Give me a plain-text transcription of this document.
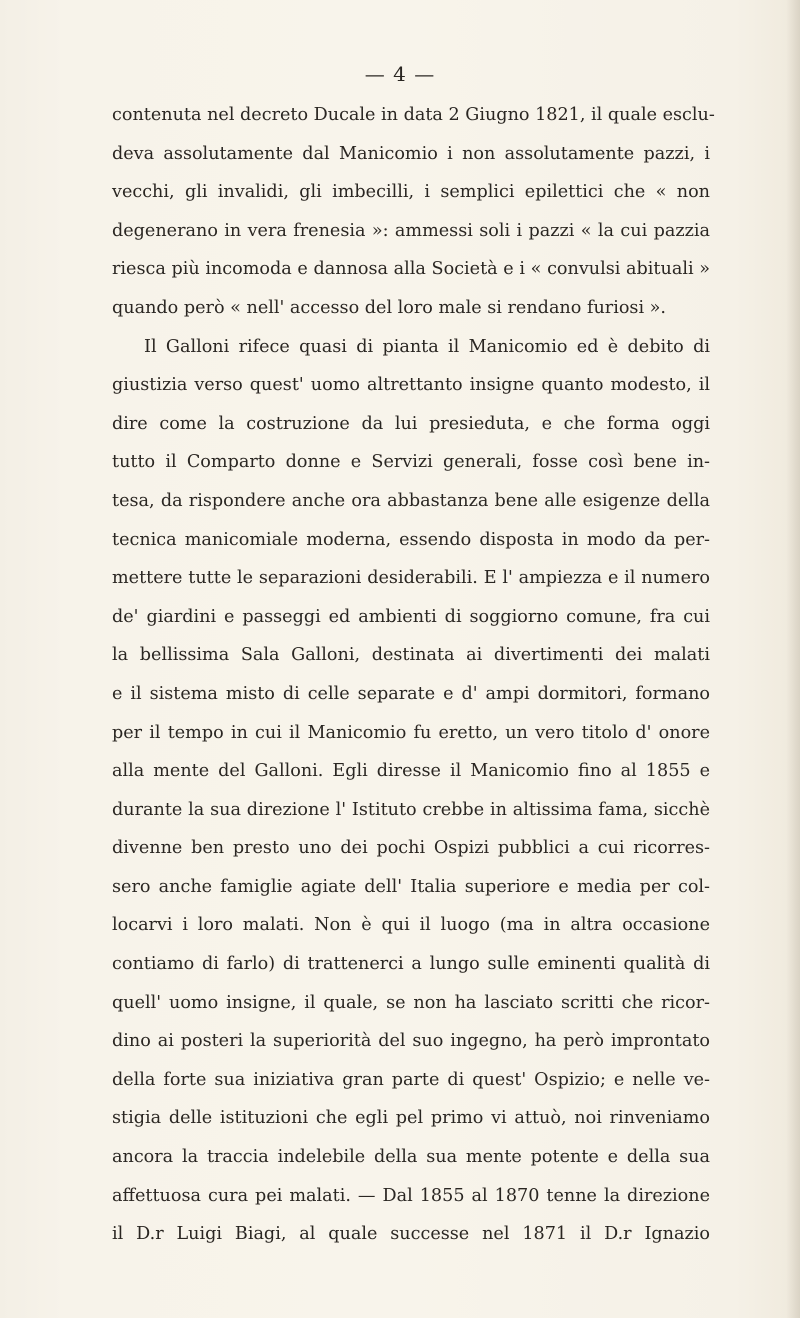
— 4 —
contenuta nel decreto Ducale in data 2 Giugno 1821, il quale esclu-
deva assolutamente dal Manicomio i non assolutamente pazzi, i
vecchi, gli invalidi, gli imbecilli, i semplici epilettici che « non
degenerano in vera frenesia »: ammessi soli i pazzi « la cui pazzia
riesca più incomoda e dannosa alla Società e i « convulsi abituali »
quando però « nell' accesso del loro male si rendano furiosi ».
Il Galloni rifece quasi di pianta il Manicomio ed è debito di
giustizia verso quest' uomo altrettanto insigne quanto modesto, il
dire come la costruzione da lui presieduta, e che forma oggi
tutto il Comparto donne e Servizi generali, fosse così bene in-
tesa, da rispondere anche ora abbastanza bene alle esigenze della
tecnica manicomiale moderna, essendo disposta in modo da per-
mettere tutte le separazioni desiderabili. E l' ampiezza e il numero
de' giardini e passeggi ed ambienti di soggiorno comune, fra cui
la bellissima Sala Galloni, destinata ai divertimenti dei malati
e il sistema misto di celle separate e d' ampi dormitori, formano
per il tempo in cui il Manicomio fu eretto, un vero titolo d' onore
alla mente del Galloni. Egli diresse il Manicomio fino al 1855 e
durante la sua direzione l' Istituto crebbe in altissima fama, sicchè
divenne ben presto uno dei pochi Ospizi pubblici a cui ricorres-
sero anche famiglie agiate dell' Italia superiore e media per col-
locarvi i loro malati. Non è qui il luogo (ma in altra occasione
contiamo di farlo) di trattenerci a lungo sulle eminenti qualità di
quell' uomo insigne, il quale, se non ha lasciato scritti che ricor-
dino ai posteri la superiorità del suo ingegno, ha però improntato
della forte sua iniziativa gran parte di quest' Ospizio; e nelle ve-
stigia delle istituzioni che egli pel primo vi attuò, noi rinveniamo
ancora la traccia indelebile della sua mente potente e della sua
affettuosa cura pei malati. — Dal 1855 al 1870 tenne la direzione
il D.r Luigi Biagi, al quale successe nel 1871 il D.r Ignazio
